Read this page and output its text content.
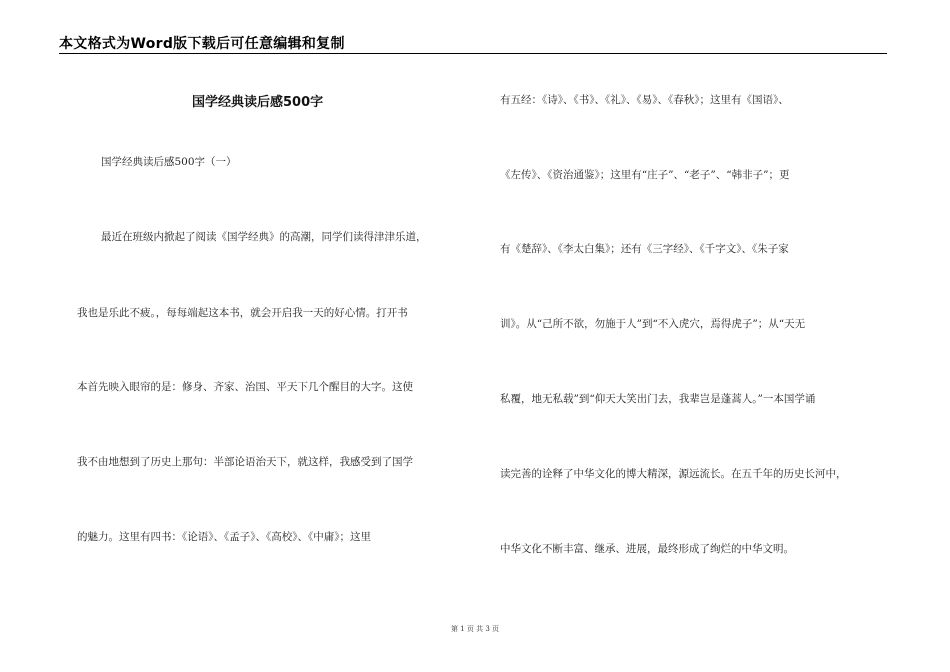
本文格式为Word版下载后可任意编辑和复制
国学经典读后感500字
国学经典读后感500字（一）
最近在班级内掀起了阅读《国学经典》的高潮，同学们读得津津乐道，
我也是乐此不疲。，每每端起这本书，就会开启我一天的好心情。打开书
本首先映入眼帘的是：修身、齐家、治国、平天下几个醒目的大字。这使
我不由地想到了历史上那句：半部论语治天下，就这样，我感受到了国学
的魅力。这里有四书：《论语》、《孟子》、《高校》、《中庸》；这里
有五经：《诗》、《书》、《礼》、《易》、《春秋》；这里有《国语》、
《左传》、《资治通鉴》；这里有“庄子”、“老子”、“韩非子”；更
有《楚辞》、《李太白集》；还有《三字经》、《千字文》、《朱子家
训》。从“己所不欲，勿施于人”到“不入虎穴，焉得虎子”；从“天无
私覆，地无私载”到“仰天大笑出门去，我辈岂是蓬蒿人。”一本国学诵
读完善的诠释了中华文化的博大精深，源远流长。在五千年的历史长河中，
中华文化不断丰富、继承、进展，最终形成了绚烂的中华文明。
第 1 页 共 3 页
